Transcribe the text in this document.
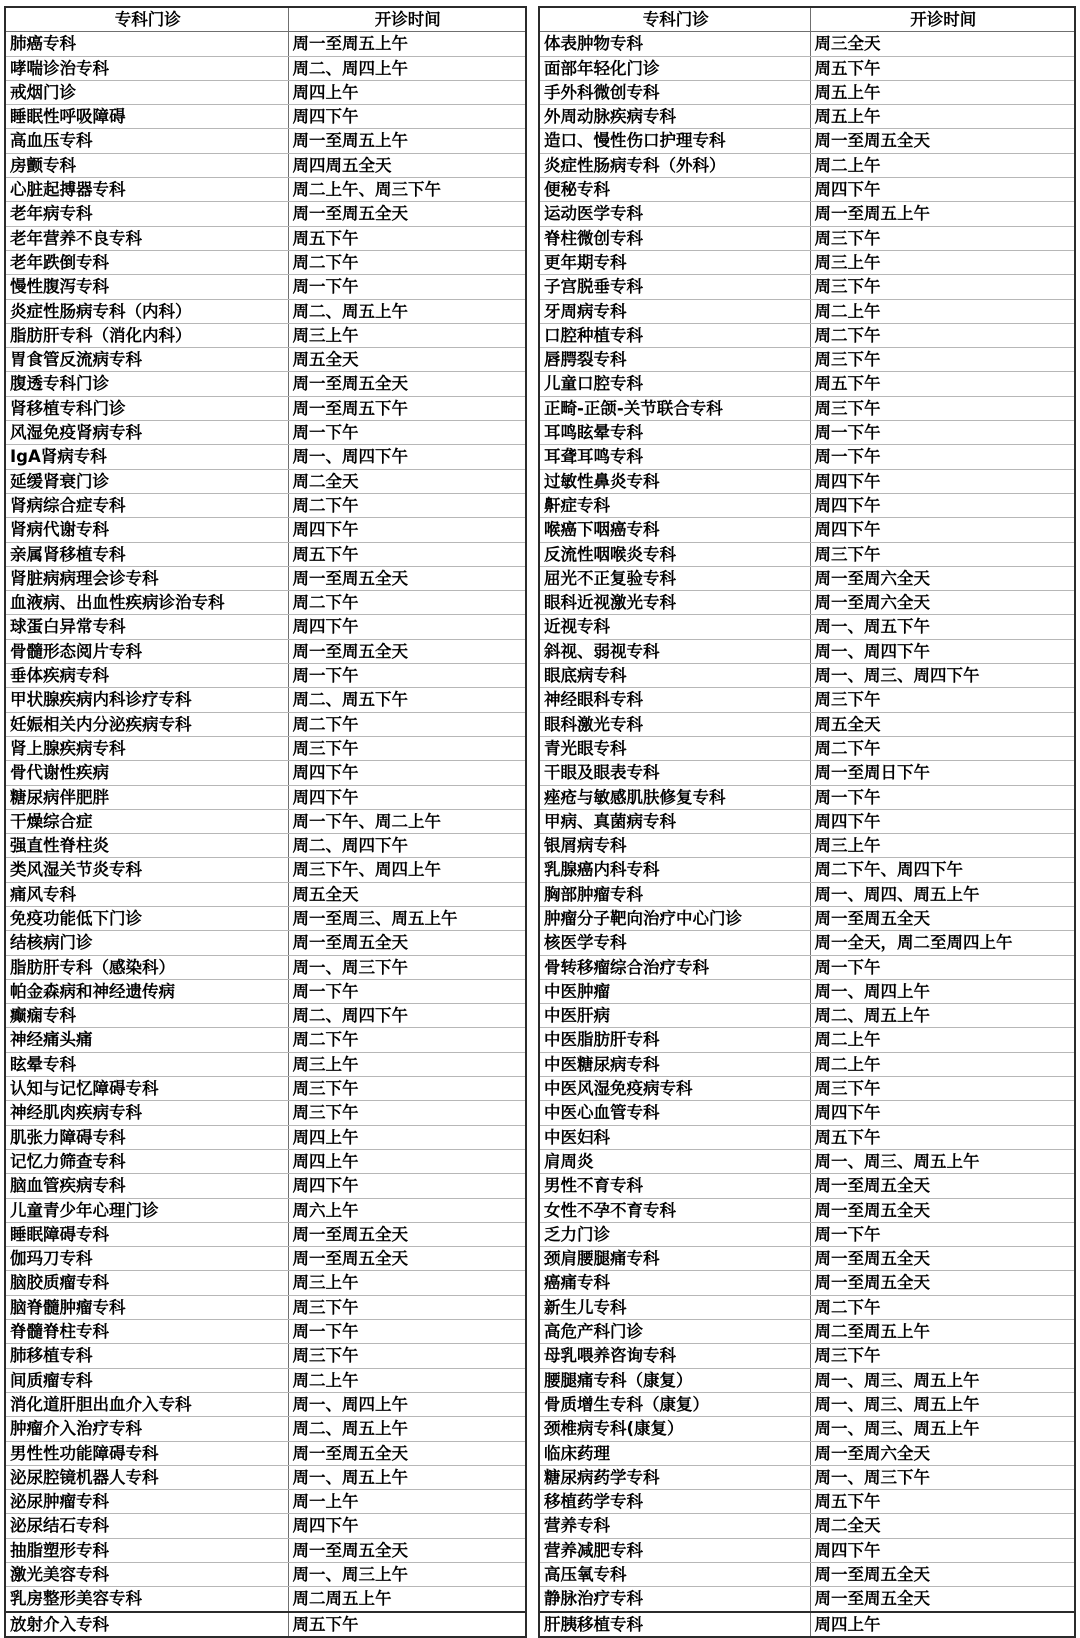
专科门诊	开诊时间
肺癌专科	周一至周五上午
哮喘诊治专科	周二、周四上午
戒烟门诊	周四上午
睡眠性呼吸障碍	周四下午
高血压专科	周一至周五上午
房颤专科	周四周五全天
心脏起搏器专科	周二上午、周三下午
老年病专科	周一至周五全天
老年营养不良专科	周五下午
老年跌倒专科	周二下午
慢性腹泻专科	周一下午
炎症性肠病专科（内科）	周二、周五上午
脂肪肝专科（消化内科）	周三上午
胃食管反流病专科	周五全天
腹透专科门诊	周一至周五全天
肾移植专科门诊	周一至周五下午
风湿免疫肾病专科	周一下午
IgA肾病专科	周一、周四下午
延缓肾衰门诊	周二全天
肾病综合症专科	周二下午
肾病代谢专科	周四下午
亲属肾移植专科	周五下午
肾脏病病理会诊专科	周一至周五全天
血液病、出血性疾病诊治专科	周二下午
球蛋白异常专科	周四下午
骨髓形态阅片专科	周一至周五全天
垂体疾病专科	周一下午
甲状腺疾病内科诊疗专科	周二、周五下午
妊娠相关内分泌疾病专科	周二下午
肾上腺疾病专科	周三下午
骨代谢性疾病	周四下午
糖尿病伴肥胖	周四下午
干燥综合症	周一下午、周二上午
强直性脊柱炎	周二、周四下午
类风湿关节炎专科	周三下午、周四上午
痛风专科	周五全天
免疫功能低下门诊	周一至周三、周五上午
结核病门诊	周一至周五全天
脂肪肝专科（感染科）	周一、周三下午
帕金森病和神经遗传病	周一下午
癫痫专科	周二、周四下午
神经痛头痛	周二下午
眩晕专科	周三上午
认知与记忆障碍专科	周三下午
神经肌肉疾病专科	周三下午
肌张力障碍专科	周四上午
记忆力筛查专科	周四上午
脑血管疾病专科	周四下午
儿童青少年心理门诊	周六上午
睡眠障碍专科	周一至周五全天
伽玛刀专科	周一至周五全天
脑胶质瘤专科	周三上午
脑脊髓肿瘤专科	周三下午
脊髓脊柱专科	周一下午
肺移植专科	周三下午
间质瘤专科	周二上午
消化道肝胆出血介入专科	周一、周四上午
肿瘤介入治疗专科	周二、周五上午
男性性功能障碍专科	周一至周五全天
泌尿腔镜机器人专科	周一、周五上午
泌尿肿瘤专科	周一上午
泌尿结石专科	周四下午
抽脂塑形专科	周一至周五全天
激光美容专科	周一、周三上午
乳房整形美容专科	周二周五上午
放射介入专科	周五下午
专科门诊	开诊时间
体表肿物专科	周三全天
面部年轻化门诊	周五下午
手外科微创专科	周五上午
外周动脉疾病专科	周五上午
造口、慢性伤口护理专科	周一至周五全天
炎症性肠病专科（外科）	周二上午
便秘专科	周四下午
运动医学专科	周一至周五上午
脊柱微创专科	周三下午
更年期专科	周三上午
子宫脱垂专科	周三下午
牙周病专科	周二上午
口腔种植专科	周二下午
唇腭裂专科	周三下午
儿童口腔专科	周五下午
正畸-正颌-关节联合专科	周三下午
耳鸣眩晕专科	周一下午
耳聋耳鸣专科	周一下午
过敏性鼻炎专科	周四下午
鼾症专科	周四下午
喉癌下咽癌专科	周四下午
反流性咽喉炎专科	周三下午
屈光不正复验专科	周一至周六全天
眼科近视激光专科	周一至周六全天
近视专科	周一、周五下午
斜视、弱视专科	周一、周四下午
眼底病专科	周一、周三、周四下午
神经眼科专科	周三下午
眼科激光专科	周五全天
青光眼专科	周二下午
干眼及眼表专科	周一至周日下午
痤疮与敏感肌肤修复专科	周一下午
甲病、真菌病专科	周四下午
银屑病专科	周三上午
乳腺癌内科专科	周二下午、周四下午
胸部肿瘤专科	周一、周四、周五上午
肿瘤分子靶向治疗中心门诊	周一至周五全天
核医学专科	周一全天，周二至周四上午
骨转移瘤综合治疗专科	周一下午
中医肿瘤	周一、周四上午
中医肝病	周二、周五上午
中医脂肪肝专科	周二上午
中医糖尿病专科	周二上午
中医风湿免疫病专科	周三下午
中医心血管专科	周四下午
中医妇科	周五下午
肩周炎	周一、周三、周五上午
男性不育专科	周一至周五全天
女性不孕不育专科	周一至周五全天
乏力门诊	周一下午
颈肩腰腿痛专科	周一至周五全天
癌痛专科	周一至周五全天
新生儿专科	周二下午
高危产科门诊	周二至周五上午
母乳喂养咨询专科	周三下午
腰腿痛专科（康复）	周一、周三、周五上午
骨质增生专科（康复）	周一、周三、周五上午
颈椎病专科(康复）	周一、周三、周五上午
临床药理	周一至周六全天
糖尿病药学专科	周一、周三下午
移植药学专科	周五下午
营养专科	周二全天
营养减肥专科	周四下午
高压氧专科	周一至周五全天
静脉治疗专科	周一至周五全天
肝胰移植专科	周四上午
